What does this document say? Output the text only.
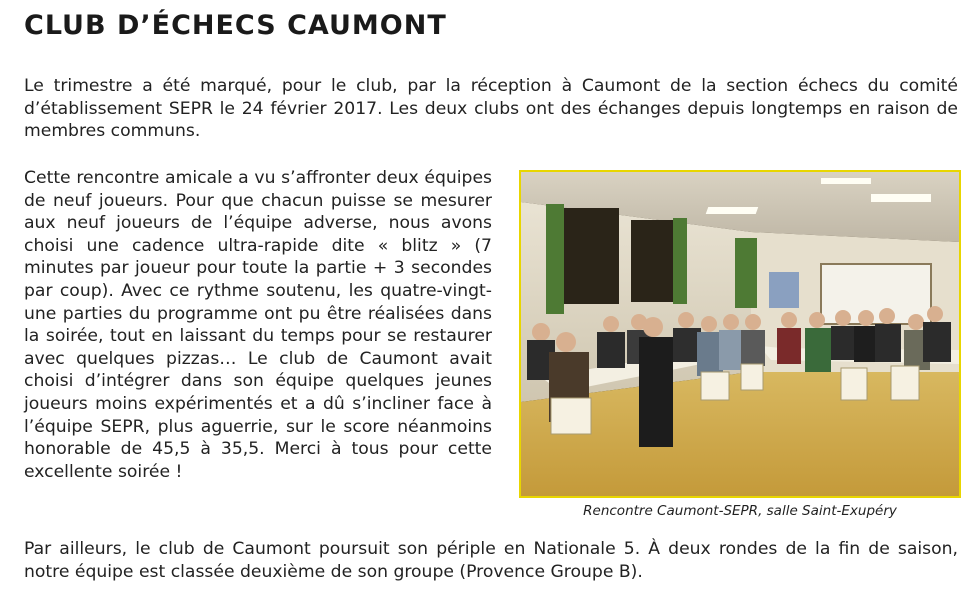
CLUB D’ÉCHECS CAUMONT

Le trimestre a été marqué, pour le club, par la réception à Caumont de la section échecs du comité d’établissement SEPR le 24 février 2017. Les deux clubs ont des échanges depuis longtemps en raison de membres communs.

Cette rencontre amicale a vu s’affronter deux équipes de neuf joueurs. Pour que chacun puisse se mesurer aux neuf joueurs de l’équipe adverse, nous avons choisi une cadence ultra-rapide dite « blitz » (7 minutes par joueur pour toute la partie + 3 secondes par coup). Avec ce rythme soutenu, les quatre-vingt-une parties du programme ont pu être réalisées dans la soirée, tout en laissant du temps pour se restaurer avec quelques pizzas… Le club de Caumont avait choisi d’intégrer dans son équipe quelques jeunes joueurs moins expérimentés et a dû s’incliner face à l’équipe SEPR, plus aguerrie, sur le score néanmoins honorable de 45,5 à 35,5. Merci à tous pour cette excellente soirée !

Rencontre Caumont-SEPR, salle Saint-Exupéry

Par ailleurs, le club de Caumont poursuit son périple en Nationale 5. À deux rondes de la fin de saison, notre équipe est classée deuxième de son groupe (Provence Groupe B).
